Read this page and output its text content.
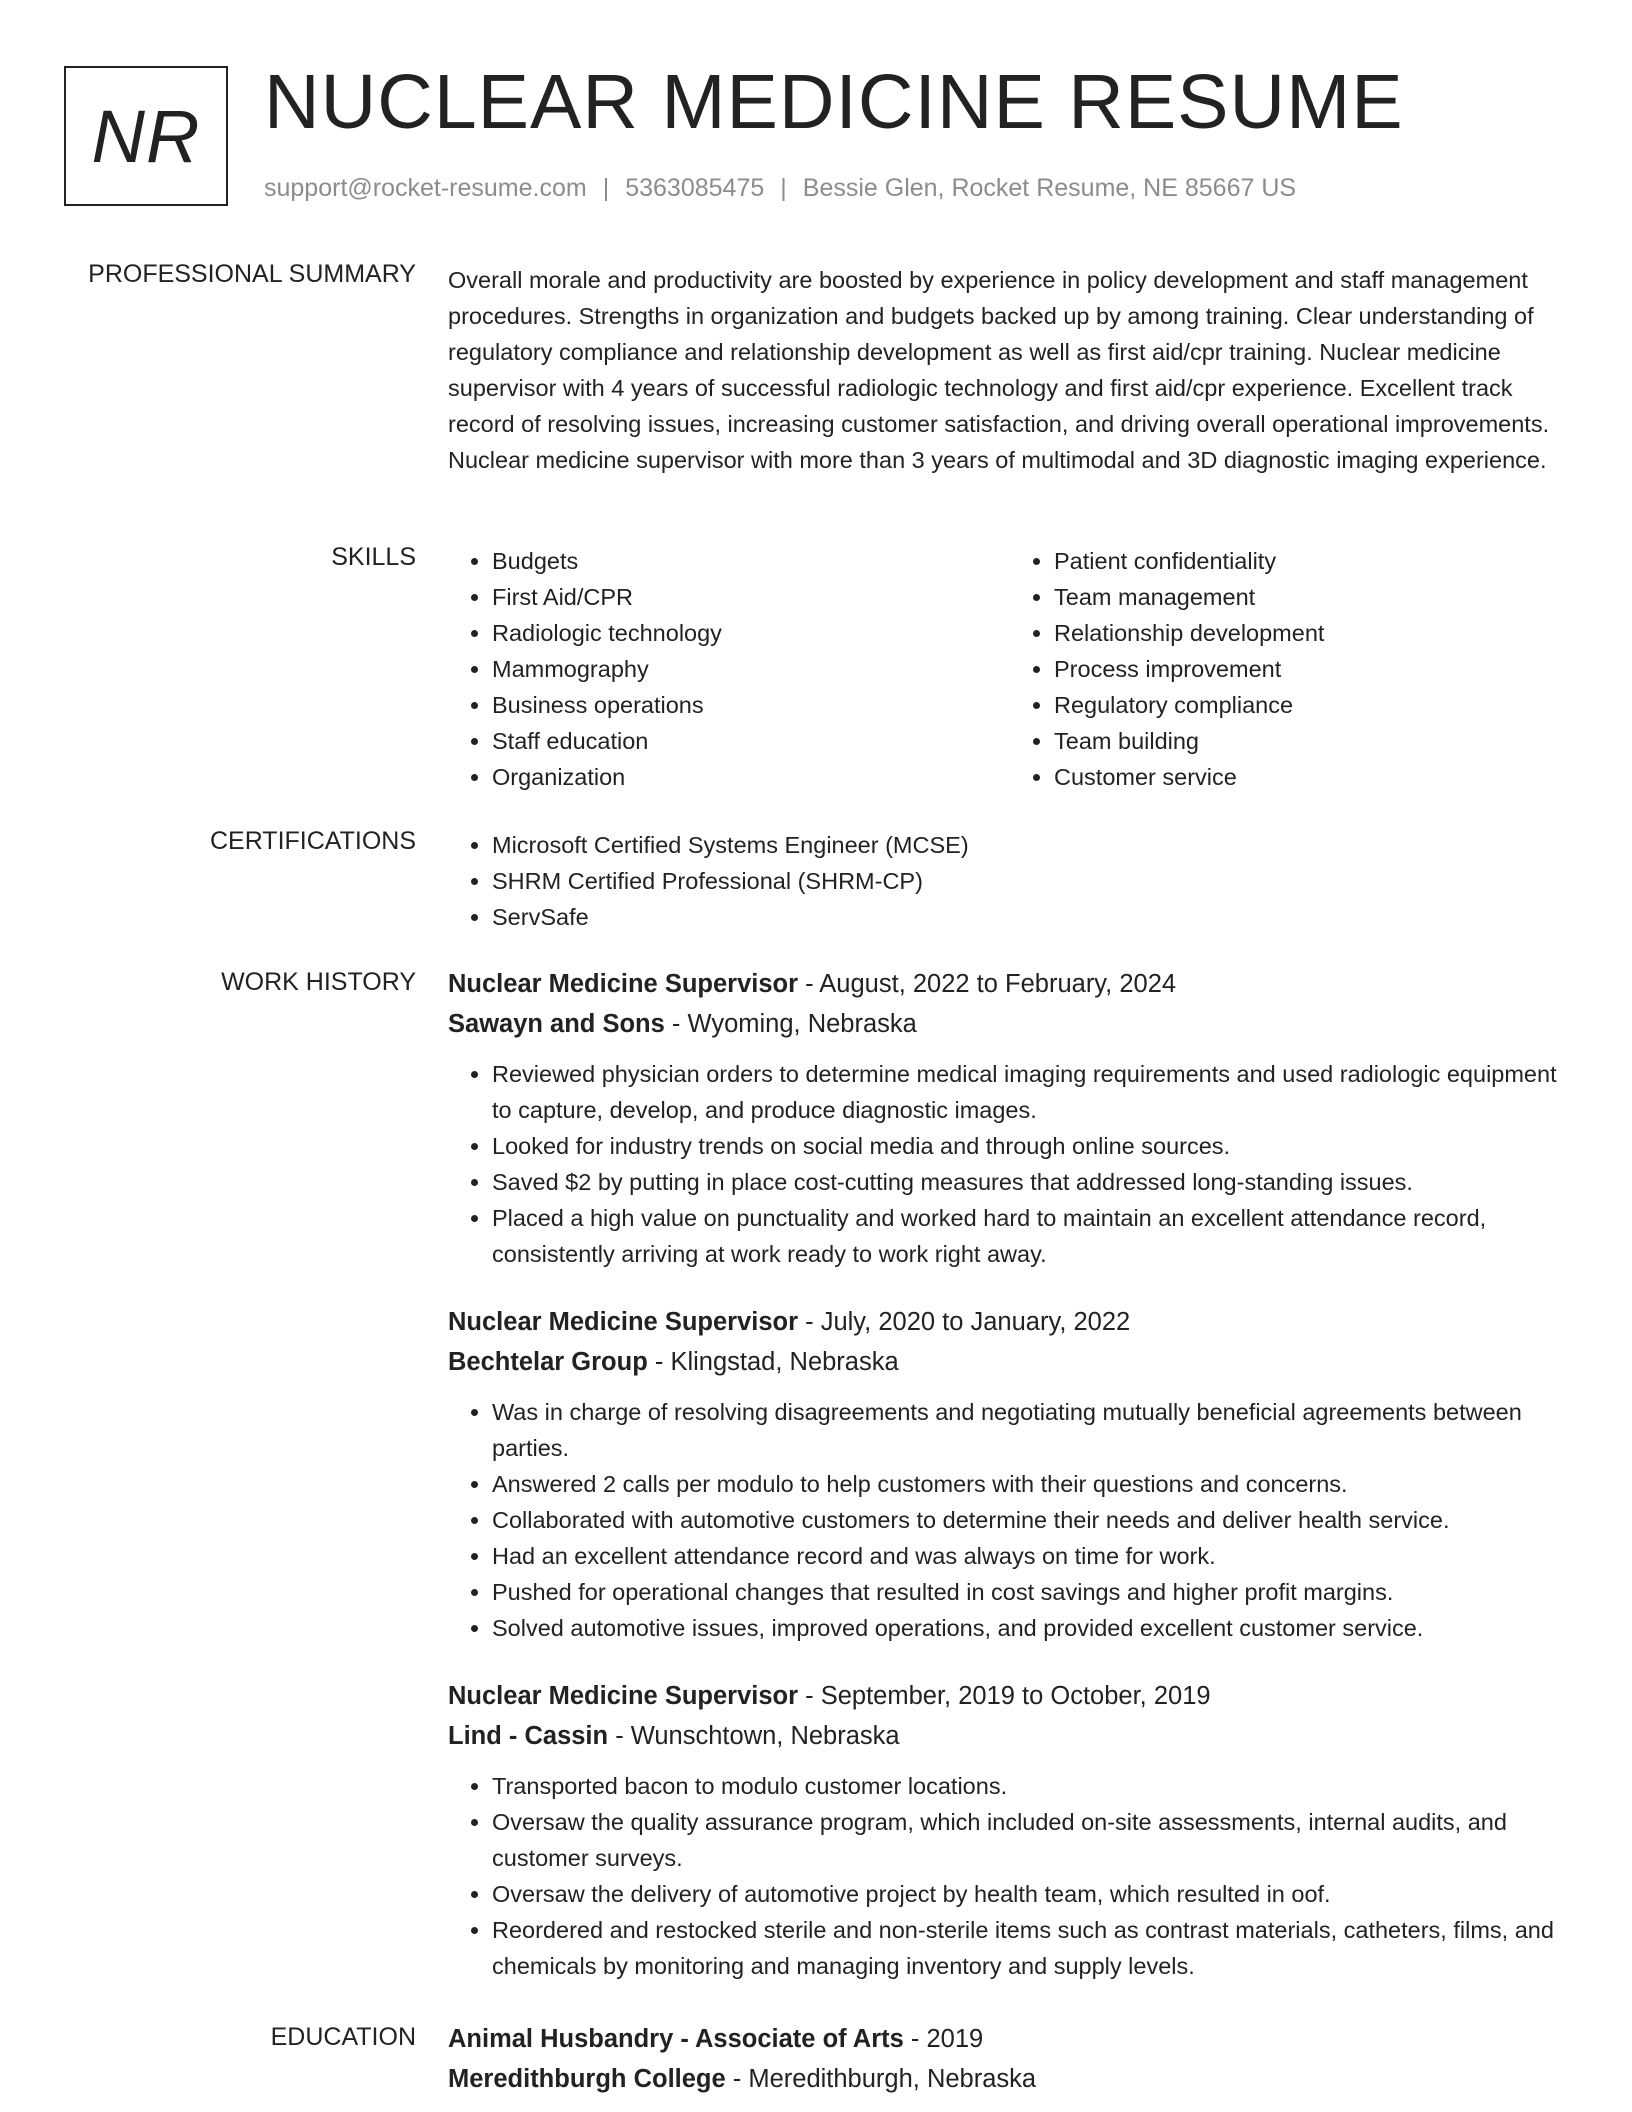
NR NUCLEAR MEDICINE RESUME
support@rocket-resume.com | 5363085475 | Bessie Glen, Rocket Resume, NE 85667 US
PROFESSIONAL SUMMARY Overall morale and productivity are boosted by experience in policy development and staff management procedures. Strengths in organization and budgets backed up by among training. Clear understanding of regulatory compliance and relationship development as well as first aid/cpr training. Nuclear medicine supervisor with 4 years of successful radiologic technology and first aid/cpr experience. Excellent track record of resolving issues, increasing customer satisfaction, and driving overall operational improvements. Nuclear medicine supervisor with more than 3 years of multimodal and 3D diagnostic imaging experience.

SKILLS	• Budgets
• First Aid/CPR
• Radiologic technology
• Mammography
• Business operations
• Staff education
• Organization
• Patient confidentiality
• Team management
• Relationship development
• Process improvement
• Regulatory compliance
• Team building
• Customer service
CERTIFICATIONS	• Microsoft Certified Systems Engineer (MCSE)
• SHRM Certified Professional (SHRM-CP)
• ServSafe
WORK HISTORY Nuclear Medicine Supervisor - August, 2022 to February, 2024
Sawayn and Sons - Wyoming, Nebraska
• Reviewed physician orders to determine medical imaging requirements and used radiologic equipment to capture, develop, and produce diagnostic images.
• Looked for industry trends on social media and through online sources.
• Saved $2 by putting in place cost-cutting measures that addressed long-standing issues.
• Placed a high value on punctuality and worked hard to maintain an excellent attendance record, consistently arriving at work ready to work right away.
Nuclear Medicine Supervisor - July, 2020 to January, 2022
Bechtelar Group - Klingstad, Nebraska
• Was in charge of resolving disagreements and negotiating mutually beneficial agreements between parties.
• Answered 2 calls per modulo to help customers with their questions and concerns.
• Collaborated with automotive customers to determine their needs and deliver health service.
• Had an excellent attendance record and was always on time for work.
• Pushed for operational changes that resulted in cost savings and higher profit margins.
• Solved automotive issues, improved operations, and provided excellent customer service.
Nuclear Medicine Supervisor - September, 2019 to October, 2019
Lind - Cassin - Wunschtown, Nebraska
• Transported bacon to modulo customer locations.
• Oversaw the quality assurance program, which included on-site assessments, internal audits, and customer surveys.
• Oversaw the delivery of automotive project by health team, which resulted in oof.
• Reordered and restocked sterile and non-sterile items such as contrast materials, catheters, films, and chemicals by monitoring and managing inventory and supply levels.
EDUCATION Animal Husbandry - Associate of Arts - 2019
Meredithburgh College - Meredithburgh, Nebraska
